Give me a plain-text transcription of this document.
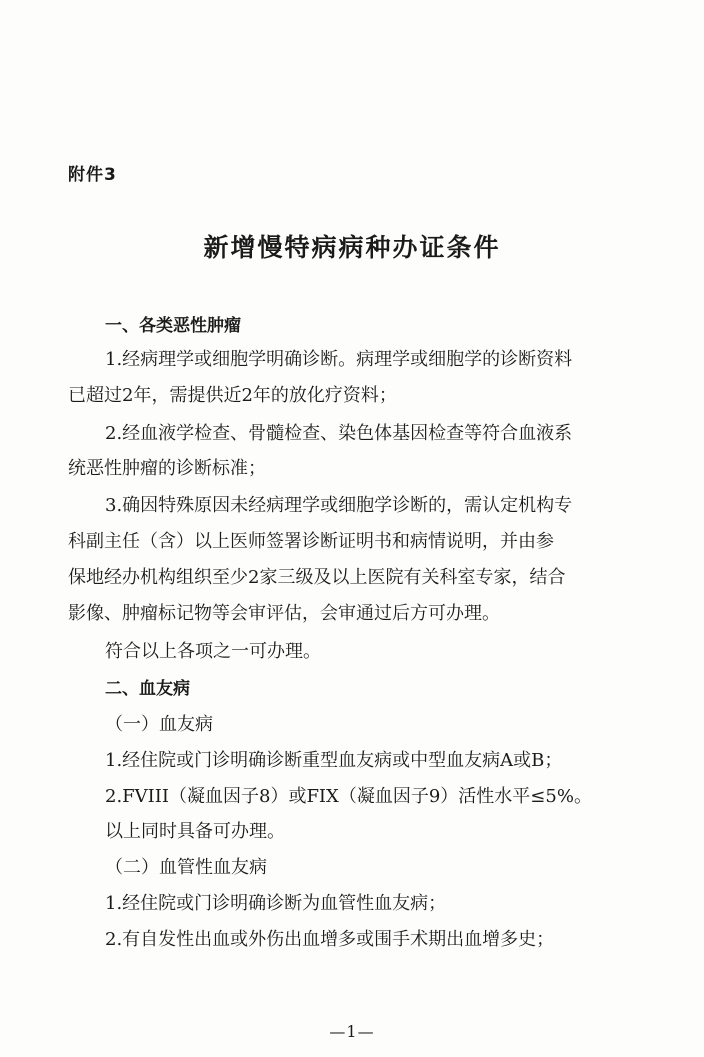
附件3
新增慢特病病种办证条件
一、各类恶性肿瘤
1.经病理学或细胞学明确诊断。病理学或细胞学的诊断资料
已超过2年，需提供近2年的放化疗资料；
2.经血液学检查、骨髓检查、染色体基因检查等符合血液系
统恶性肿瘤的诊断标准；
3.确因特殊原因未经病理学或细胞学诊断的，需认定机构专
科副主任（含）以上医师签署诊断证明书和病情说明，并由参
保地经办机构组织至少2家三级及以上医院有关科室专家，结合
影像、肿瘤标记物等会审评估，会审通过后方可办理。
符合以上各项之一可办理。
二、血友病
（一）血友病
1.经住院或门诊明确诊断重型血友病或中型血友病A或B；
2.FVIII（凝血因子8）或FIX（凝血因子9）活性水平≤5%。
以上同时具备可办理。
（二）血管性血友病
1.经住院或门诊明确诊断为血管性血友病；
2.有自发性出血或外伤出血增多或围手术期出血增多史；
—1—
